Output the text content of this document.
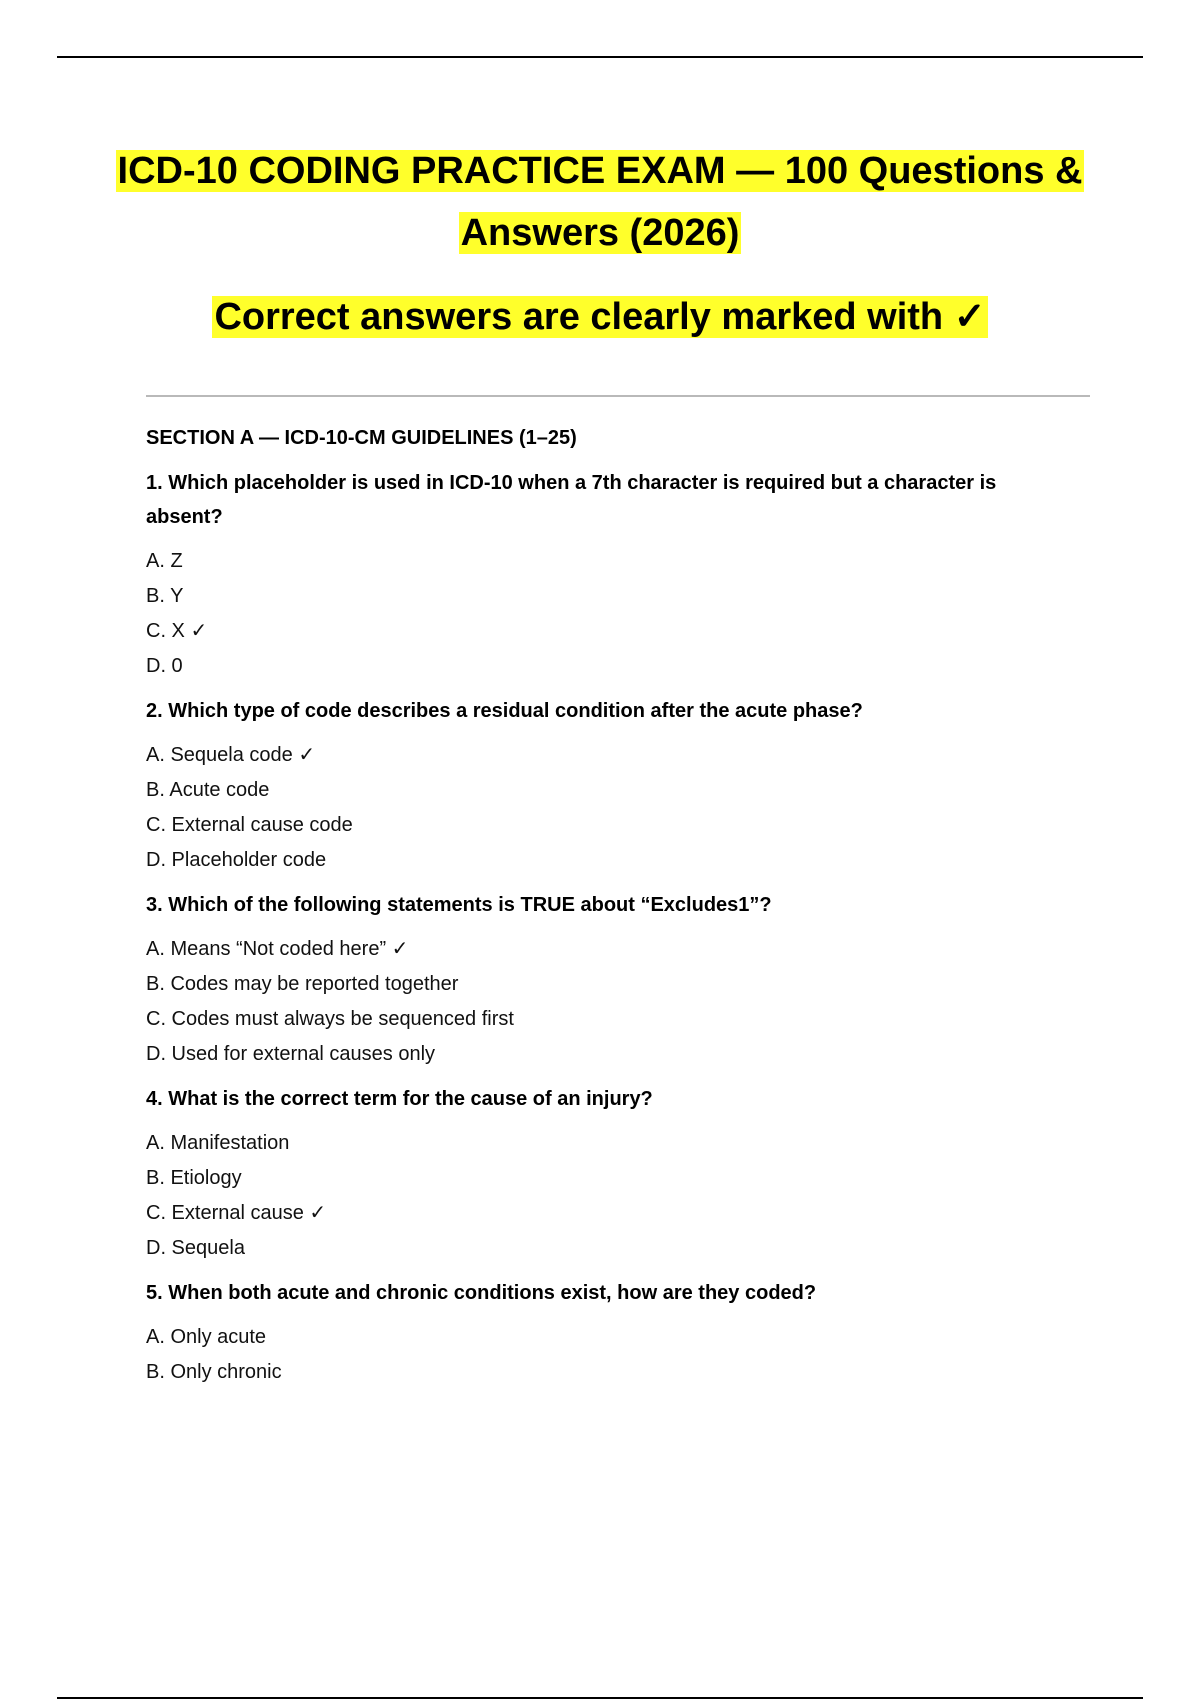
ICD-10 CODING PRACTICE EXAM — 100 Questions & Answers (2026)

Correct answers are clearly marked with ✓

SECTION A — ICD-10-CM GUIDELINES (1–25)

1. Which placeholder is used in ICD-10 when a 7th character is required but a character is absent?

A. Z
B. Y
C. X ✓
D. 0

2. Which type of code describes a residual condition after the acute phase?

A. Sequela code ✓
B. Acute code
C. External cause code
D. Placeholder code

3. Which of the following statements is TRUE about “Excludes1”?

A. Means “Not coded here” ✓
B. Codes may be reported together
C. Codes must always be sequenced first
D. Used for external causes only

4. What is the correct term for the cause of an injury?

A. Manifestation
B. Etiology
C. External cause ✓
D. Sequela

5. When both acute and chronic conditions exist, how are they coded?

A. Only acute
B. Only chronic
